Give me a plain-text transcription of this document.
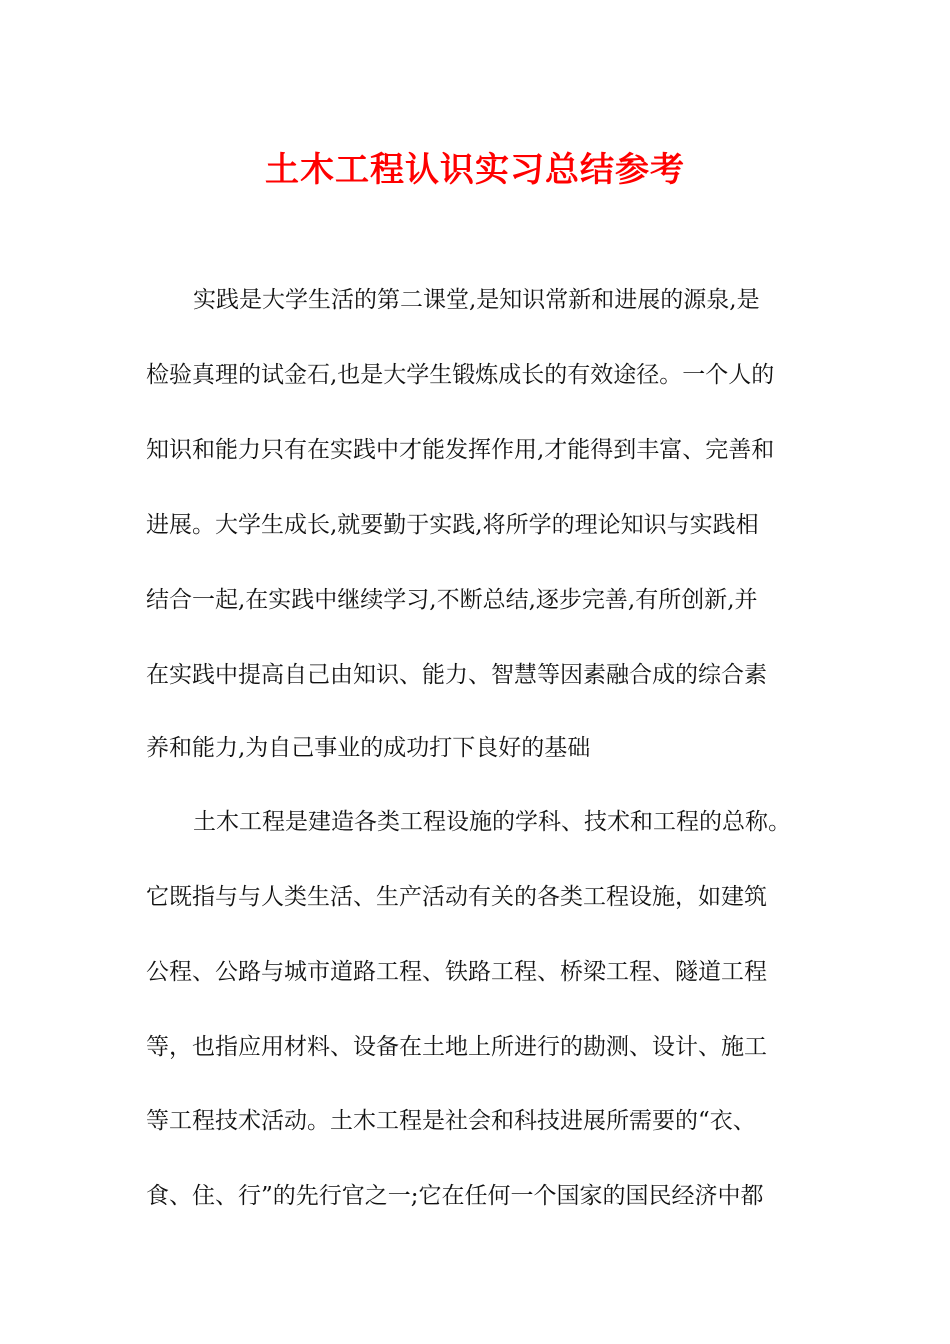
土木工程认识实习总结参考
实践是大学生活的第二课堂,是知识常新和进展的源泉,是
检验真理的试金石,也是大学生锻炼成长的有效途径。一个人的
知识和能力只有在实践中才能发挥作用,才能得到丰富、完善和
进展。大学生成长,就要勤于实践,将所学的理论知识与实践相
结合一起,在实践中继续学习,不断总结,逐步完善,有所创新,并
在实践中提高自己由知识、能力、智慧等因素融合成的综合素
养和能力,为自己事业的成功打下良好的基础
土木工程是建造各类工程设施的学科、技术和工程的总称。
它既指与与人类生活、生产活动有关的各类工程设施，如建筑
公程、公路与城市道路工程、铁路工程、桥梁工程、隧道工程
等，也指应用材料、设备在土地上所进行的勘测、设计、施工
等工程技术活动。土木工程是社会和科技进展所需要的“衣、
食、住、行”的先行官之一;它在任何一个国家的国民经济中都
